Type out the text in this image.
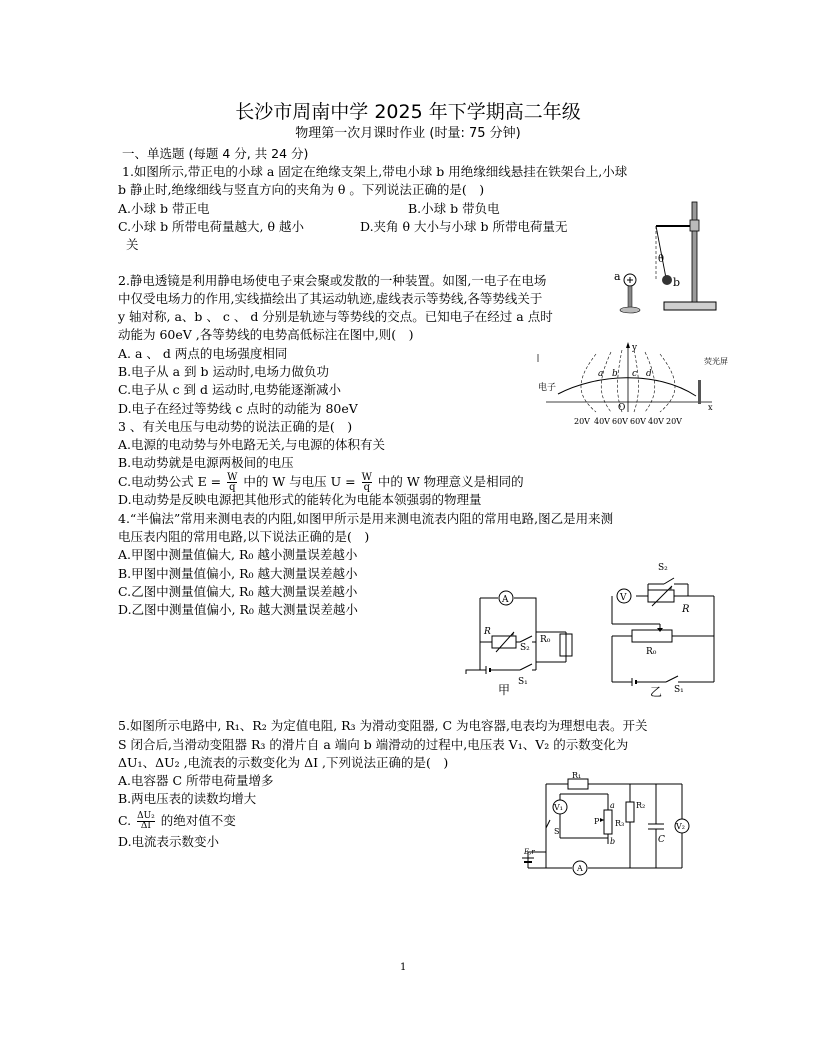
长沙市周南中学 2025 年下学期高二年级
物理第一次月课时作业 (时量: 75 分钟)
一、单选题 (每题 4 分, 共 24 分)
1.如图所示,带正电的小球 a 固定在绝缘支架上,带电小球 b 用绝缘细线悬挂在铁架台上,小球
b 静止时,绝缘细线与竖直方向的夹角为 θ 。下列说法正确的是(　)
A.小球 b 带正电	B.小球 b 带负电
C.小球 b 所带电荷量越大, θ 越小	D.夹角 θ 大小与小球 b 所带电荷量无
关
a
θ
b
2.静电透镜是利用静电场使电子束会聚或发散的一种装置。如图,一电子在电场
中仅受电场力的作用,实线描绘出了其运动轨迹,虚线表示等势线,各等势线关于
y 轴对称, a、b 、 c 、 d 分别是轨迹与等势线的交点。已知电子在经过 a 点时
动能为 60eV ,各等势线的电势高低标注在图中,则(　)
A. a 、 d 两点的电场强度相同
B.电子从 a 到 b 运动时,电场力做负功
C.电子从 c 到 d 运动时,电势能逐渐减小
D.电子在经过等势线 c 点时的动能为 80eV
电子
y
荧光屏
x
O
a b c d
20V 40V 60V 60V 40V 20V
3 、有关电压与电动势的说法正确的是(　)
A.电源的电动势与外电路无关,与电源的体积有关
B.电动势就是电源两极间的电压
C.电动势公式 $E = \frac{W}{q}$ 中的 W 与电压 $U = \frac{W}{q}$ 中的 W 物理意义是相同的
D.电动势是反映电源把其他形式的能转化为电能本领强弱的物理量
4.“半偏法”常用来测电表的内阻,如图甲所示是用来测电流表内阻的常用电路,图乙是用来测
电压表内阻的常用电路,以下说法正确的是(　)
A.甲图中测量值偏大, R₀ 越小测量误差越小
B.甲图中测量值偏小, R₀ 越大测量误差越小
C.乙图中测量值偏大, R₀ 越大测量误差越小
D.乙图中测量值偏小, R₀ 越大测量误差越小
A
R
S₂
R₀
S₁
甲
V
S₂
R
R₀
S₁
乙
5.如图所示电路中, R₁、R₂ 为定值电阻, R₃ 为滑动变阻器, C 为电容器,电表均为理想电表。开关
S 闭合后,当滑动变阻器 R₃ 的滑片自 a 端向 b 端滑动的过程中,电压表 V₁、V₂ 的示数变化为
ΔU₁、ΔU₂ ,电流表的示数变化为 ΔI ,下列说法正确的是(　)
A.电容器 C 所带电荷量增多
B.两电压表的读数均增大
C. $\frac{\text{ΔU₂}}{\Delta I}$ 的绝对值不变
D.电流表示数变小
R₁
V₁
S
a
P R₃
b
R₂
C
V₂
E,r
A
1
